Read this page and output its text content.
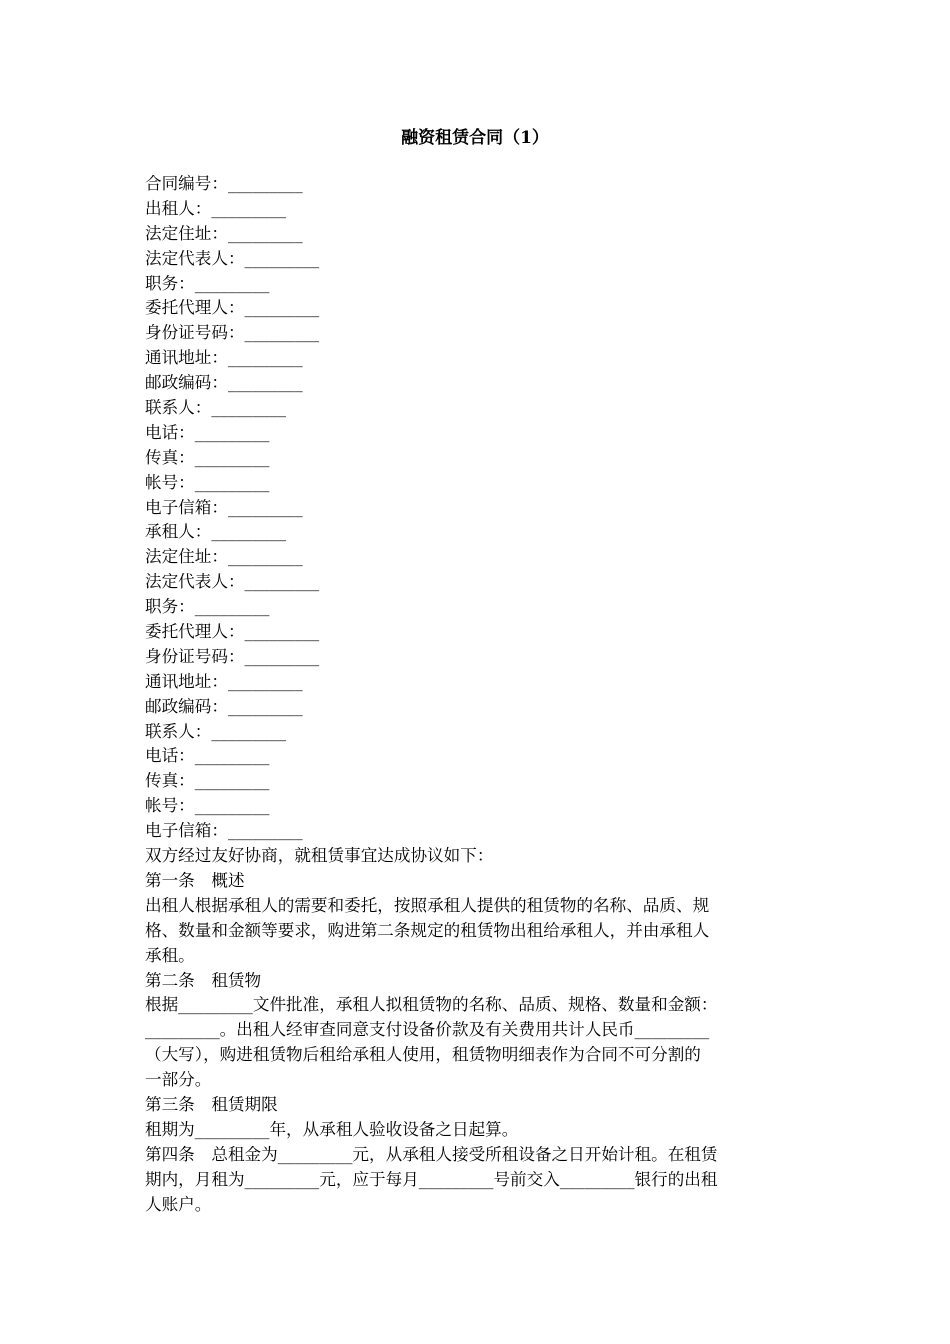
融资租赁合同（1）
合同编号：_________
出租人：_________
法定住址：_________
法定代表人：_________
职务：_________
委托代理人：_________
身份证号码：_________
通讯地址：_________
邮政编码：_________
联系人：_________
电话：_________
传真：_________
帐号：_________
电子信箱：_________
承租人：_________
法定住址：_________
法定代表人：_________
职务：_________
委托代理人：_________
身份证号码：_________
通讯地址：_________
邮政编码：_________
联系人：_________
电话：_________
传真：_________
帐号：_________
电子信箱：_________
双方经过友好协商，就租赁事宜达成协议如下：
第一条　概述
出租人根据承租人的需要和委托，按照承租人提供的租赁物的名称、品质、规
格、数量和金额等要求，购进第二条规定的租赁物出租给承租人，并由承租人
承租。
第二条　租赁物
根据_________文件批准，承租人拟租赁物的名称、品质、规格、数量和金额：
_________。出租人经审查同意支付设备价款及有关费用共计人民币_________
（大写），购进租赁物后租给承租人使用，租赁物明细表作为合同不可分割的
一部分。
第三条　租赁期限
租期为_________年，从承租人验收设备之日起算。
第四条　总租金为_________元，从承租人接受所租设备之日开始计租。在租赁
期内，月租为_________元，应于每月_________号前交入_________银行的出租
人账户。
